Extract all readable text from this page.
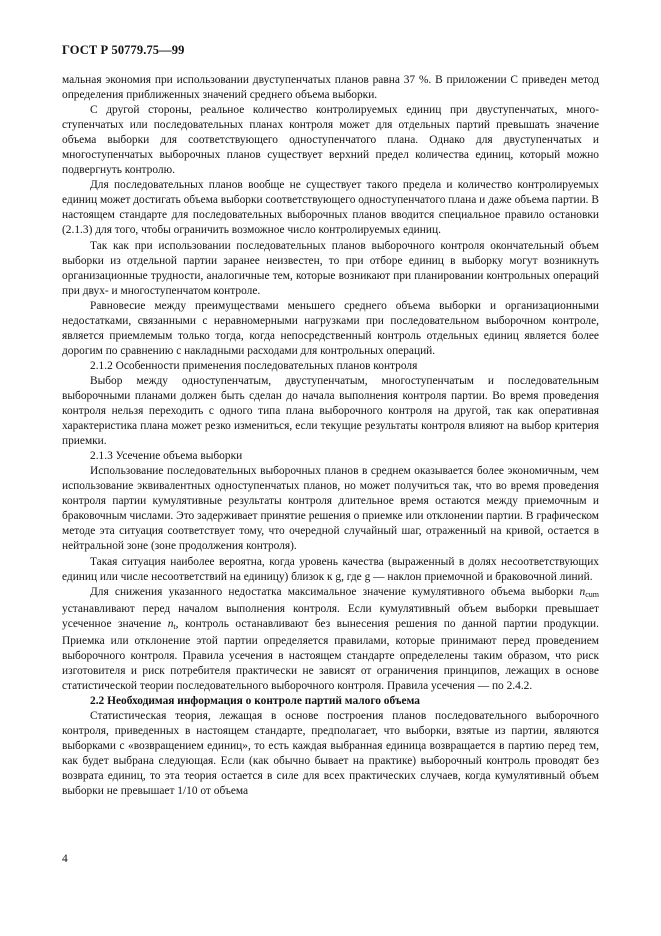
ГОСТ Р 50779.75—99

мальная экономия при использовании двуступенчатых планов равна 37 %. В приложении С приведен метод определения приближенных значений среднего объема выборки.

С другой стороны, реальное количество контролируемых единиц при двуступенчатых, многоступенчатых или последовательных планах контроля может для отдельных партий превышать значение объема выборки для соответствующего одноступенчатого плана. Однако для двуступенчатых и многоступенчатых выборочных планов существует верхний предел количества единиц, который можно подвергнуть контролю.

Для последовательных планов вообще не существует такого предела и количество контролируемых единиц может достигать объема выборки соответствующего одноступенчатого плана и даже объема партии. В настоящем стандарте для последовательных выборочных планов вводится специальное правило остановки (2.1.3) для того, чтобы ограничить возможное число контролируемых единиц.

Так как при использовании последовательных планов выборочного контроля окончательный объем выборки из отдельной партии заранее неизвестен, то при отборе единиц в выборку могут возникнуть организационные трудности, аналогичные тем, которые возникают при планировании контрольных операций при двух- и многоступенчатом контроле.

Равновесие между преимуществами меньшего среднего объема выборки и организационными недостатками, связанными с неравномерными нагрузками при последовательном выборочном контроле, является приемлемым только тогда, когда непосредственный контроль отдельных единиц является более дорогим по сравнению с накладными расходами для контрольных операций.

2.1.2 Особенности применения последовательных планов контроля

Выбор между одноступенчатым, двуступенчатым, многоступенчатым и последовательным выборочными планами должен быть сделан до начала выполнения контроля партии. Во время проведения контроля нельзя переходить с одного типа плана выборочного контроля на другой, так как оперативная характеристика плана может резко измениться, если текущие результаты контроля влияют на выбор критерия приемки.

2.1.3 Усечение объема выборки

Использование последовательных выборочных планов в среднем оказывается более экономичным, чем использование эквивалентных одноступенчатых планов, но может получиться так, что во время проведения контроля партии кумулятивные результаты контроля длительное время остаются между приемочным и браковочным числами. Это задерживает принятие решения о приемке или отклонении партии. В графическом методе эта ситуация соответствует тому, что очередной случайный шаг, отраженный на кривой, остается в нейтральной зоне (зоне продолжения контроля).

Такая ситуация наиболее вероятна, когда уровень качества (выраженный в долях несоответствующих единиц или числе несоответствий на единицу) близок к g, где g — наклон приемочной и браковочной линий.

Для снижения указанного недостатка максимальное значение кумулятивного объема выборки $n_{cum}$ устанавливают перед началом выполнения контроля. Если кумулятивный объем выборки превышает усеченное значение $n_t$, контроль останавливают без вынесения решения по данной партии продукции. Приемка или отклонение этой партии определяется правилами, которые принимают перед проведением выборочного контроля. Правила усечения в настоящем стандарте определелены таким образом, что риск изготовителя и риск потребителя практически не зависят от ограничения принципов, лежащих в основе статистической теории последовательного выборочного контроля. Правила усечения — по 2.4.2.

2.2 Необходимая информация о контроле партий малого объема

Статистическая теория, лежащая в основе построения планов последовательного выборочного контроля, приведенных в настоящем стандарте, предполагает, что выборки, взятые из партии, являются выборками с «возвращением единиц», то есть каждая выбранная единица возвращается в партию перед тем, как будет выбрана следующая. Если (как обычно бывает на практике) выборочный контроль проводят без возврата единиц, то эта теория остается в силе для всех практических случаев, когда кумулятивный объем выборки не превышает 1/10 от объема

4
